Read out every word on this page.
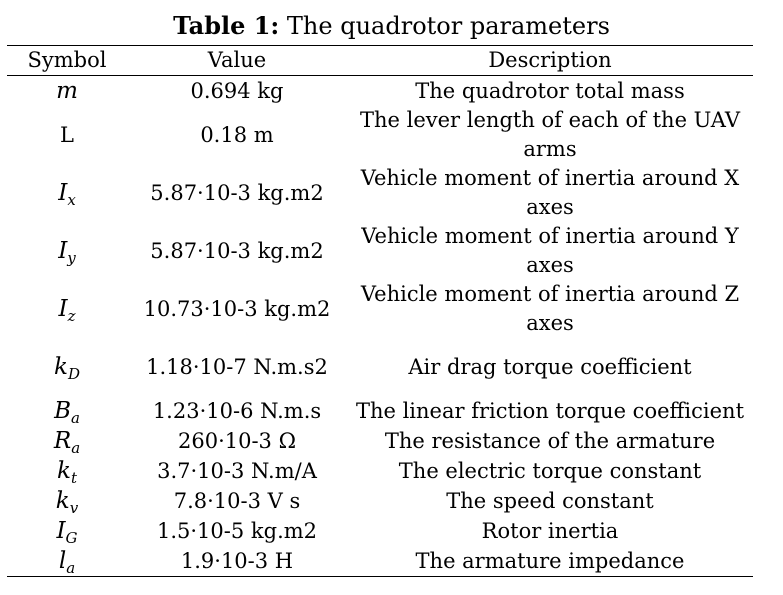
Table 1: The quadrotor parameters
Symbol	Value	Description
m	0.694 kg	The quadrotor total mass
L	0.18 m	The lever length of each of the UAV arms
$I_x$	5.87·10-3 kg.m2	Vehicle moment of inertia around X axes
$I_y$	5.87·10-3 kg.m2	Vehicle moment of inertia around Y axes
$I_z$	10.73·10-3 kg.m2	Vehicle moment of inertia around Z axes
$k_D$	1.18·10-7 N.m.s2	Air drag torque coefficient
$B_a$	1.23·10-6 N.m.s	The linear friction torque coefficient
$R_a$	260·10-3 Ω	The resistance of the armature
$k_t$	3.7·10-3 N.m/A	The electric torque constant
$k_v$	7.8·10-3 V s	The speed constant
$I_G$	1.5·10-5 kg.m2	Rotor inertia
$l_a$	1.9·10-3 H	The armature impedance
